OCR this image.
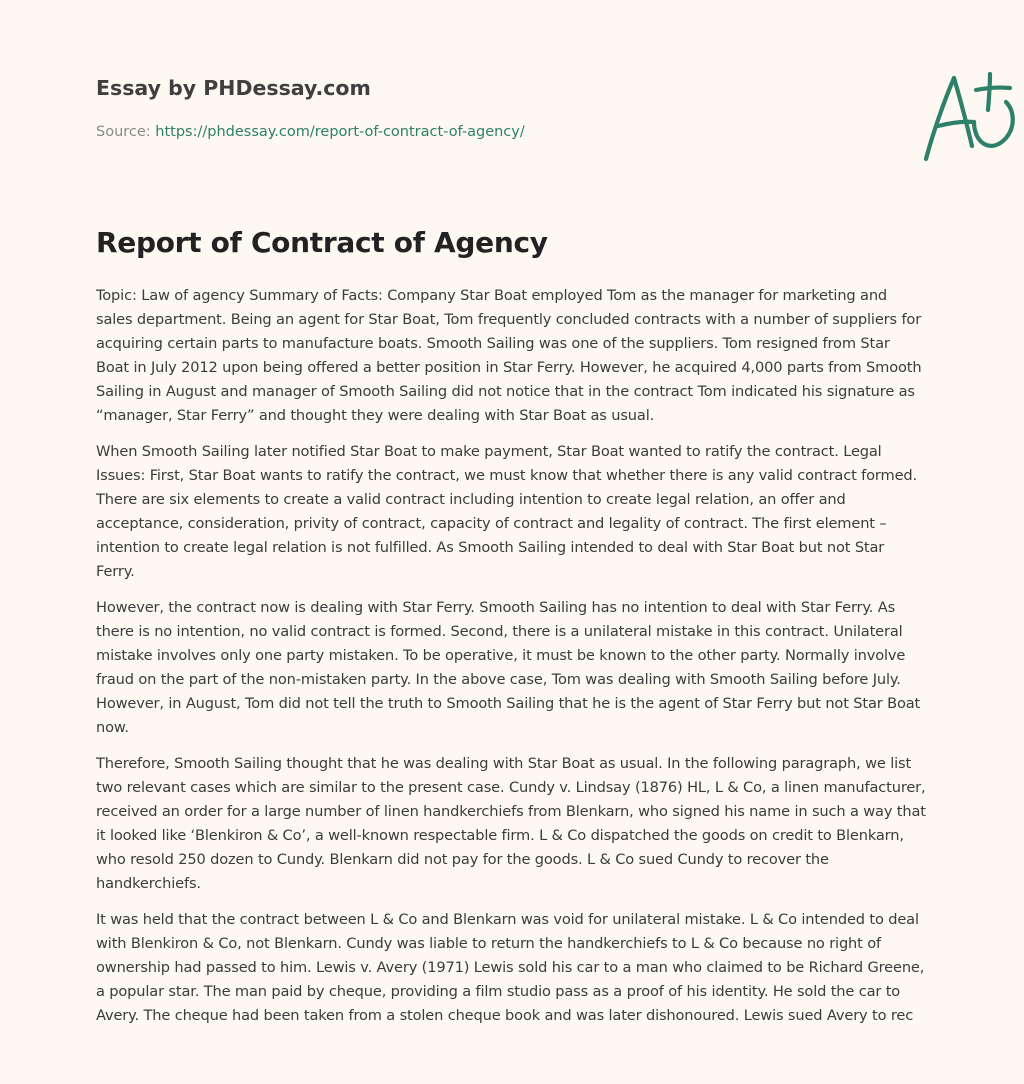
Essay by PHDessay.com
Source: https://phdessay.com/report-of-contract-of-agency/
Report of Contract of Agency

Topic: Law of agency Summary of Facts: Company Star Boat employed Tom as the manager for marketing and sales department. Being an agent for Star Boat, Tom frequently concluded contracts with a number of suppliers for acquiring certain parts to manufacture boats. Smooth Sailing was one of the suppliers. Tom resigned from Star Boat in July 2012 upon being offered a better position in Star Ferry. However, he acquired 4,000 parts from Smooth Sailing in August and manager of Smooth Sailing did not notice that in the contract Tom indicated his signature as “manager, Star Ferry” and thought they were dealing with Star Boat as usual.

When Smooth Sailing later notified Star Boat to make payment, Star Boat wanted to ratify the contract. Legal Issues: First, Star Boat wants to ratify the contract, we must know that whether there is any valid contract formed. There are six elements to create a valid contract including intention to create legal relation, an offer and acceptance, consideration, privity of contract, capacity of contract and legality of contract. The first element – intention to create legal relation is not fulfilled. As Smooth Sailing intended to deal with Star Boat but not Star Ferry.

However, the contract now is dealing with Star Ferry. Smooth Sailing has no intention to deal with Star Ferry. As there is no intention, no valid contract is formed. Second, there is a unilateral mistake in this contract. Unilateral mistake involves only one party mistaken. To be operative, it must be known to the other party. Normally involve fraud on the part of the non-mistaken party. In the above case, Tom was dealing with Smooth Sailing before July. However, in August, Tom did not tell the truth to Smooth Sailing that he is the agent of Star Ferry but not Star Boat now.

Therefore, Smooth Sailing thought that he was dealing with Star Boat as usual. In the following paragraph, we list two relevant cases which are similar to the present case. Cundy v. Lindsay (1876) HL, L & Co, a linen manufacturer, received an order for a large number of linen handkerchiefs from Blenkarn, who signed his name in such a way that it looked like ‘Blenkiron & Co’, a well-known respectable firm. L & Co dispatched the goods on credit to Blenkarn, who resold 250 dozen to Cundy. Blenkarn did not pay for the goods. L & Co sued Cundy to recover the handkerchiefs.

It was held that the contract between L & Co and Blenkarn was void for unilateral mistake. L & Co intended to deal with Blenkiron & Co, not Blenkarn. Cundy was liable to return the handkerchiefs to L & Co because no right of ownership had passed to him. Lewis v. Avery (1971) Lewis sold his car to a man who claimed to be Richard Greene, a popular star. The man paid by cheque, providing a film studio pass as a proof of his identity. He sold the car to Avery. The cheque had been taken from a stolen cheque book and was later dishonoured. Lewis sued Avery to rec
